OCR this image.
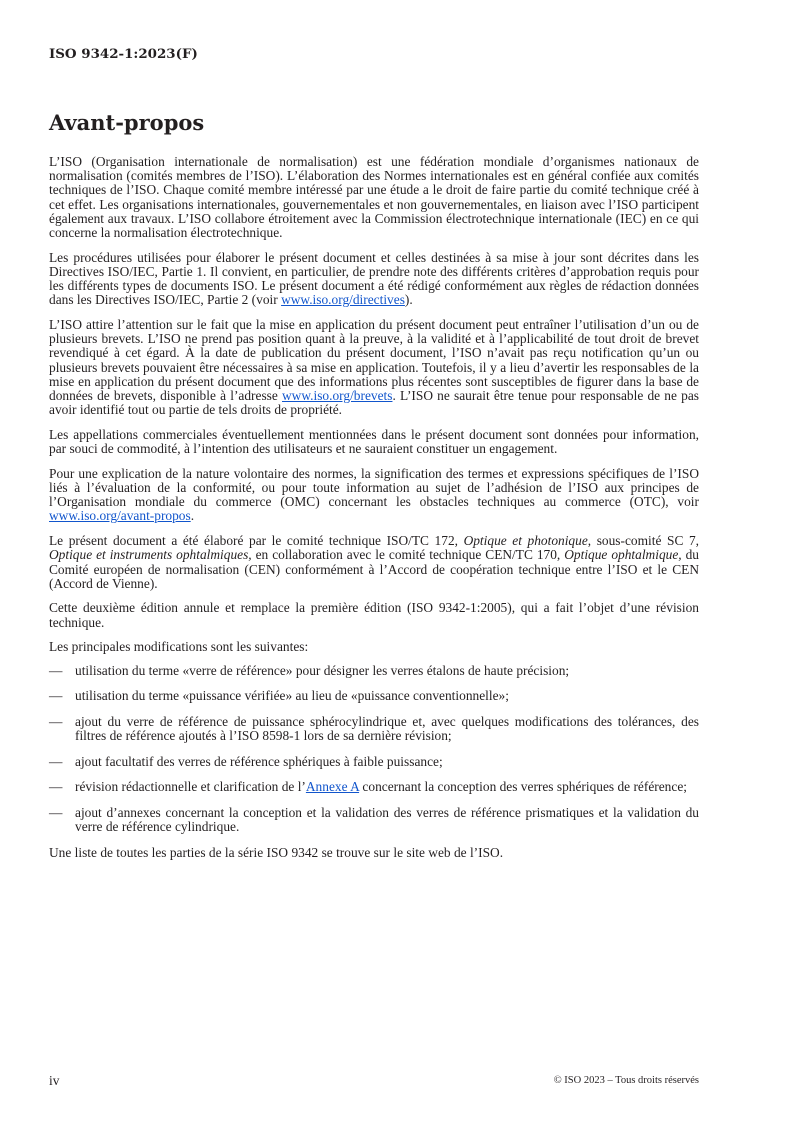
ISO 9342-1:2023(F)
Avant-propos

L’ISO (Organisation internationale de normalisation) est une fédération mondiale d’organismes nationaux de normalisation (comités membres de l’ISO). L’élaboration des Normes internationales est en général confiée aux comités techniques de l’ISO. Chaque comité membre intéressé par une étude a le droit de faire partie du comité technique créé à cet effet. Les organisations internationales, gouvernementales et non gouvernementales, en liaison avec l’ISO participent également aux travaux. L’ISO collabore étroitement avec la Commission électrotechnique internationale (IEC) en ce qui concerne la normalisation électrotechnique.

Les procédures utilisées pour élaborer le présent document et celles destinées à sa mise à jour sont décrites dans les Directives ISO/IEC, Partie 1. Il convient, en particulier, de prendre note des différents critères d’approbation requis pour les différents types de documents ISO. Le présent document a été rédigé conformément aux règles de rédaction données dans les Directives ISO/IEC, Partie 2 (voir www.iso.org/directives).

L’ISO attire l’attention sur le fait que la mise en application du présent document peut entraîner l’utilisation d’un ou de plusieurs brevets. L’ISO ne prend pas position quant à la preuve, à la validité et à l’applicabilité de tout droit de brevet revendiqué à cet égard. À la date de publication du présent document, l’ISO n’avait pas reçu notification qu’un ou plusieurs brevets pouvaient être nécessaires à sa mise en application. Toutefois, il y a lieu d’avertir les responsables de la mise en application du présent document que des informations plus récentes sont susceptibles de figurer dans la base de données de brevets, disponible à l’adresse www.iso.org/brevets. L’ISO ne saurait être tenue pour responsable de ne pas avoir identifié tout ou partie de tels droits de propriété.

Les appellations commerciales éventuellement mentionnées dans le présent document sont données pour information, par souci de commodité, à l’intention des utilisateurs et ne sauraient constituer un engagement.

Pour une explication de la nature volontaire des normes, la signification des termes et expressions spécifiques de l’ISO liés à l’évaluation de la conformité, ou pour toute information au sujet de l’adhésion de l’ISO aux principes de l’Organisation mondiale du commerce (OMC) concernant les obstacles techniques au commerce (OTC), voir www.iso.org/avant-propos.

Le présent document a été élaboré par le comité technique ISO/TC 172, Optique et photonique, sous-comité SC 7, Optique et instruments ophtalmiques, en collaboration avec le comité technique CEN/TC 170, Optique ophtalmique, du Comité européen de normalisation (CEN) conformément à l’Accord de coopération technique entre l’ISO et le CEN (Accord de Vienne).

Cette deuxième édition annule et remplace la première édition (ISO 9342-1:2005), qui a fait l’objet d’une révision technique.

Les principales modifications sont les suivantes:

— utilisation du terme «verre de référence» pour désigner les verres étalons de haute précision;
— utilisation du terme «puissance vérifiée» au lieu de «puissance conventionnelle»;
— ajout du verre de référence de puissance sphérocylindrique et, avec quelques modifications des tolérances, des filtres de référence ajoutés à l’ISO 8598-1 lors de sa dernière révision;
— ajout facultatif des verres de référence sphériques à faible puissance;
— révision rédactionnelle et clarification de l’Annexe A concernant la conception des verres sphériques de référence;
— ajout d’annexes concernant la conception et la validation des verres de référence prismatiques et la validation du verre de référence cylindrique.

Une liste de toutes les parties de la série ISO 9342 se trouve sur le site web de l’ISO.

iv	© ISO 2023 – Tous droits réservés
